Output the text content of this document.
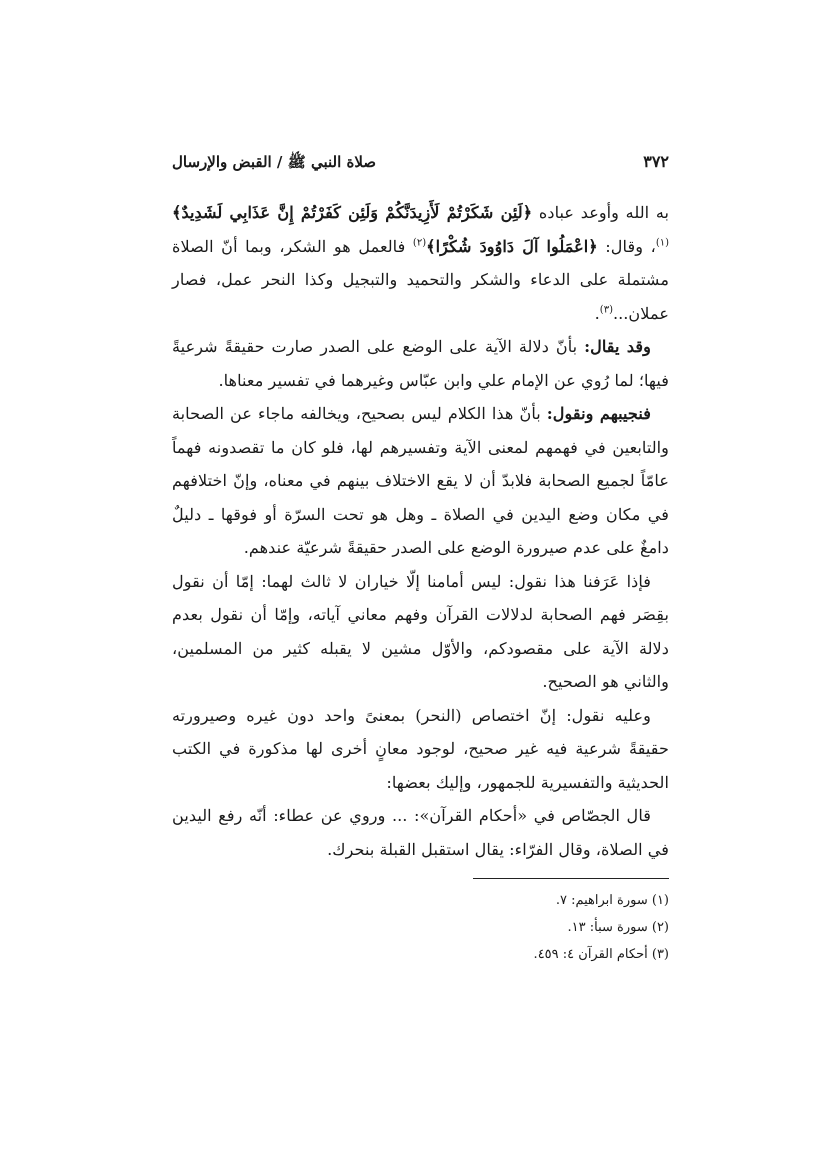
٣٧٢
صلاة النبي ﷺ / القبض والإرسال

به الله وأوعد عباده ﴿لَئِن شَكَرْتُمْ لَأَزِيدَنَّكُمْ وَلَئِن كَفَرْتُمْ إِنَّ عَذَابِي لَشَدِيدٌ﴾$^{(١)}$، وقال: ﴿اعْمَلُوا آلَ دَاوُودَ شُكْرًا﴾$^{(٢)}$ فالعمل هو الشكر، وبما أنّ الصلاة مشتملة على الدعاء والشكر والتحميد والتبجيل وكذا النحر عمل، فصار عملان...$^{(٣)}$.

وقد يقال: بأنّ دلالة الآية على الوضع على الصدر صارت حقيقةً شرعيةً فيها؛ لما رُوي عن الإمام علي وابن عبّاس وغيرهما في تفسير معناها.

فنجيبهم ونقول: بأنّ هذا الكلام ليس بصحيح، ويخالفه ماجاء عن الصحابة والتابعين في فهمهم لمعنى الآية وتفسيرهم لها، فلو كان ما تقصدونه فهماً عامّاً لجميع الصحابة فلابدّ أن لا يقع الاختلاف بينهم في معناه، وإنّ اختلافهم في مكان وضع اليدين في الصلاة ـ وهل هو تحت السرّة أو فوقها ـ دليلٌ دامغٌ على عدم صيرورة الوضع على الصدر حقيقةً شرعيّة عندهم.

فإذا عَرَفنا هذا نقول: ليس أمامنا إلّا خياران لا ثالث لهما: إمّا أن نقول بقِصَر فهم الصحابة لدلالات القرآن وفهم معاني آياته، وإمّا أن نقول بعدم دلالة الآية على مقصودكم، والأوّل مشين لا يقبله كثير من المسلمين، والثاني هو الصحيح.

وعليه نقول: إنّ اختصاص (النحر) بمعنىً واحد دون غيره وصيرورته حقيقةً شرعية فيه غير صحيح، لوجود معانٍ أخرى لها مذكورة في الكتب الحديثية والتفسيرية للجمهور، وإليك بعضها:

قال الجصّاص في «أحكام القرآن»: ... وروي عن عطاء: أنّه رفع اليدين في الصلاة، وقال الفرّاء: يقال استقبل القبلة بنحرك.

(١) سورة ابراهيم: ٧.
(٢) سورة سبأ: ١٣.
(٣) أحكام القرآن ٤: ٤٥٩.
